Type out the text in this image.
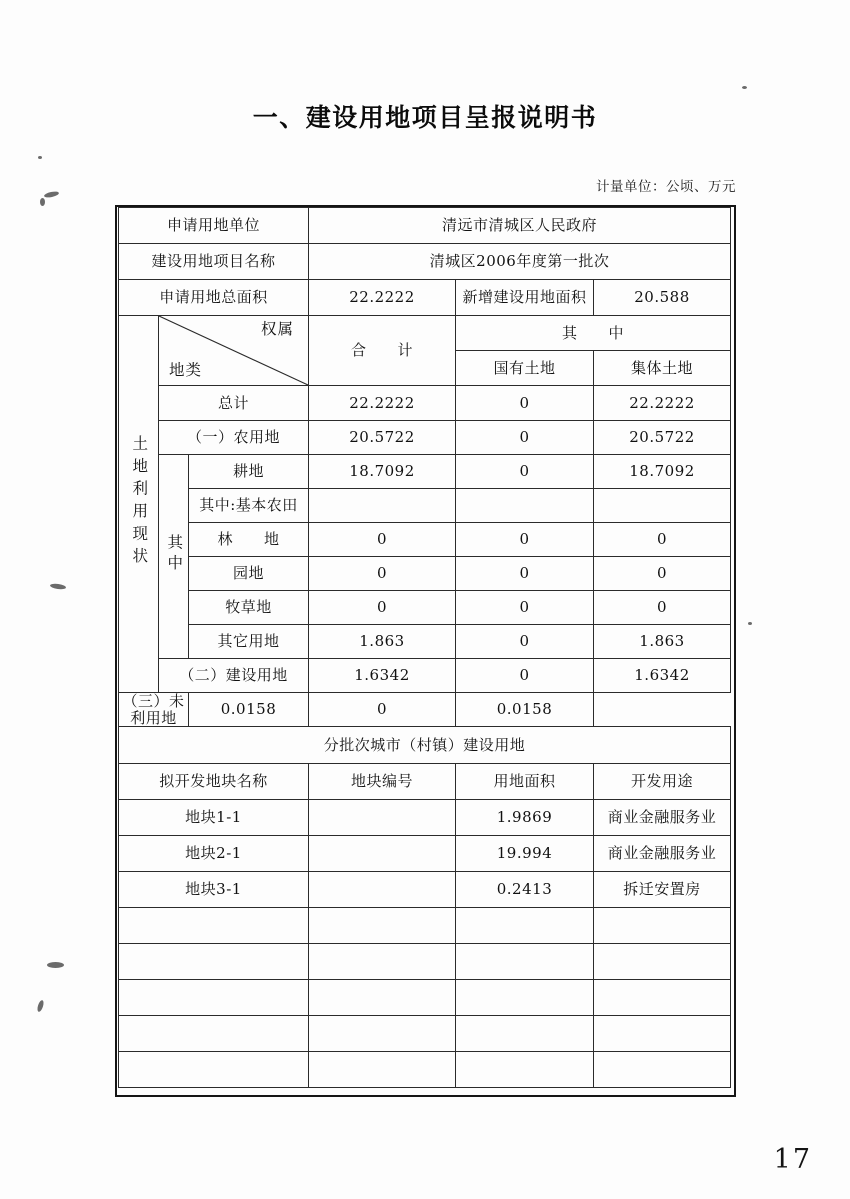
一、建设用地项目呈报说明书
计量单位：公顷、万元
申请用地单位			清远市清城区人民政府		
建设用地项目名称			清城区2006年度第一批次		
申请用地总面积			22.2222	新增建设用地面积	20.588
土地利用现状	权属
地类		合　　计	其　　中	
				国有土地	集体土地
	总计		22.2222	0	22.2222
	（一）农用地		20.5722	0	20.5722
	其中	耕地	18.7092	0	18.7092
		其中:基本农田			
		林　　地	0	0	0
		园地	0	0	0
		牧草地	0	0	0
		其它用地	1.863	0	1.863
	（二）建设用地		1.6342	0	1.6342
（三）未利用地		0.0158	0	0.0158	
分批次城市（村镇）建设用地					
拟开发地块名称			地块编号	用地面积	开发用途
地块1-1				1.9869	商业金融服务业
地块2-1				19.994	商业金融服务业
地块3-1				0.2413	拆迁安置房

17
